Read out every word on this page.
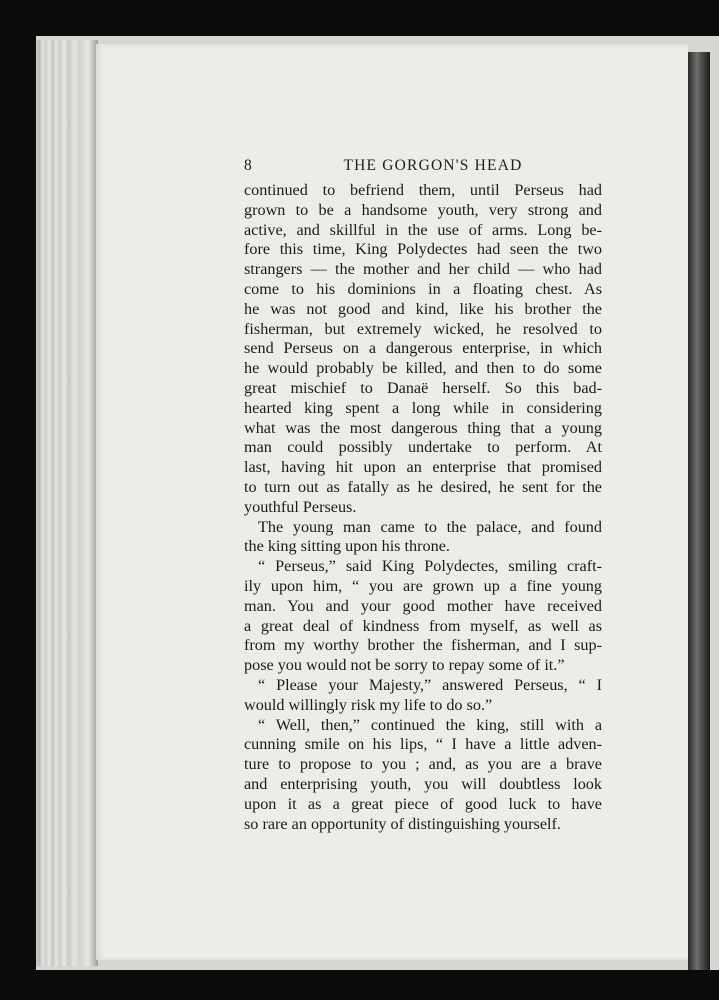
8	THE GORGON'S HEAD
continued to befriend them, until Perseus had
grown to be a handsome youth, very strong and
active, and skillful in the use of arms. Long be-
fore this time, King Polydectes had seen the two
strangers — the mother and her child — who had
come to his dominions in a floating chest. As
he was not good and kind, like his brother the
fisherman, but extremely wicked, he resolved to
send Perseus on a dangerous enterprise, in which
he would probably be killed, and then to do some
great mischief to Danaë herself. So this bad-
hearted king spent a long while in considering
what was the most dangerous thing that a young
man could possibly undertake to perform. At
last, having hit upon an enterprise that promised
to turn out as fatally as he desired, he sent for the
youthful Perseus.
The young man came to the palace, and found
the king sitting upon his throne.
“ Perseus,” said King Polydectes, smiling craft-
ily upon him, “ you are grown up a fine young
man. You and your good mother have received
a great deal of kindness from myself, as well as
from my worthy brother the fisherman, and I sup-
pose you would not be sorry to repay some of it.”
“ Please your Majesty,” answered Perseus, “ I
would willingly risk my life to do so.”
“ Well, then,” continued the king, still with a
cunning smile on his lips, “ I have a little adven-
ture to propose to you ; and, as you are a brave
and enterprising youth, you will doubtless look
upon it as a great piece of good luck to have
so rare an opportunity of distinguishing yourself.
